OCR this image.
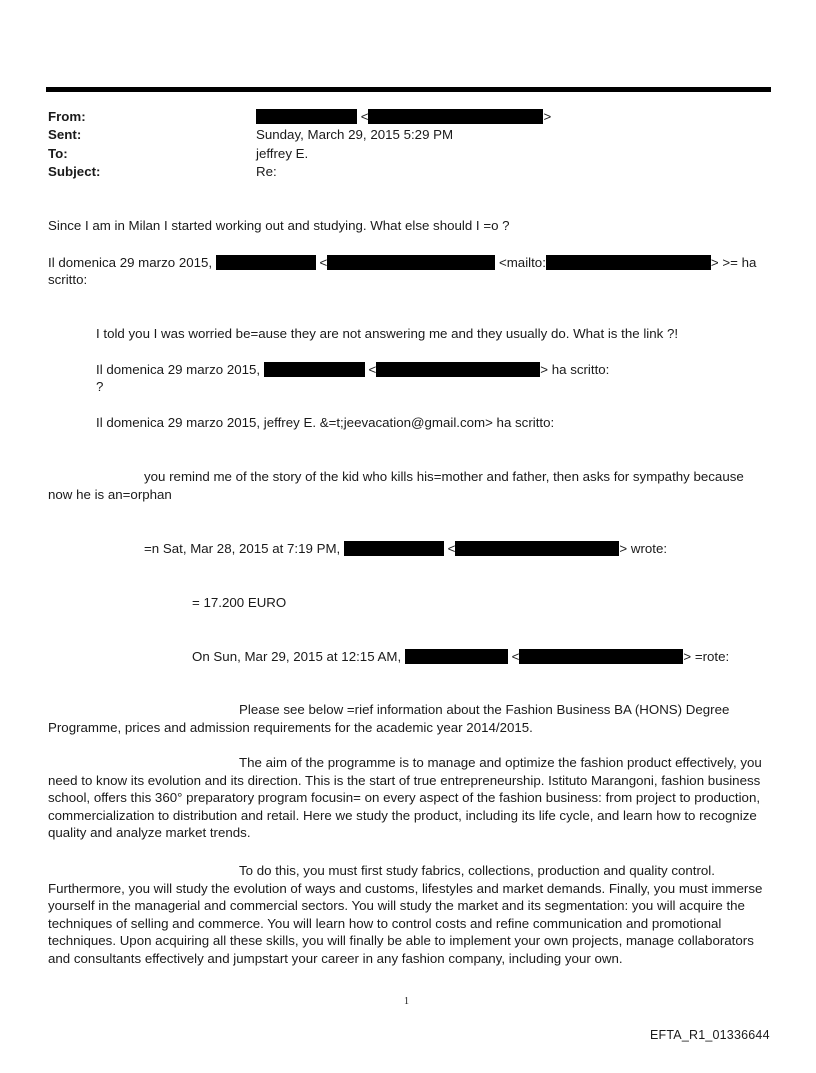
From:	<	>
Sent:	Sunday, March 29, 2015 5:29 PM
To:	jeffrey E.
Subject:	Re:
Since I am in Milan I started working out and studying. What else should I =o ?
Il domenica 29 marzo 2015,	<	<mailto:	> >= ha
scritto:
I told you I was worried be=ause they are not answering me and they usually do. What is the link ?!
Il domenica 29 marzo 2015,	<	> ha scritto:
?
Il domenica 29 marzo 2015, jeffrey E. &=t;jeevacation@gmail.com> ha scritto:
you remind me of the story of the kid who kills his=mother and father, then asks for sympathy because
now he is an=orphan
=n Sat, Mar 28, 2015 at 7:19 PM,	<	> wrote:
= 17.200 EURO
On Sun, Mar 29, 2015 at 12:15 AM,	<	> =rote:
Please see below =rief information about the Fashion Business BA (HONS) Degree Programme, prices and admission requirements for the academic year 2014/2015.
The aim of the programme is to manage and optimize the fashion product effectively, you need to know its evolution and its direction. This is the start of true entrepreneurship. Istituto Marangoni, fashion business school, offers this 360° preparatory program focusin= on every aspect of the fashion business: from project to production, commercialization to distribution and retail. Here we study the product, including its life cycle, and learn how to recognize quality and analyze market trends.
To do this, you must first study fabrics, collections, production and quality control. Furthermore, you will study the evolution of ways and customs, lifestyles and market demands. Finally, you must immerse yourself in the managerial and commercial sectors. You will study the market and its segmentation: you will acquire the techniques of selling and commerce. You will learn how to control costs and refine communication and promotional techniques. Upon acquiring all these skills, you will finally be able to implement your own projects, manage collaborators and consultants effectively and jumpstart your career in any fashion company, including your own.
1
EFTA_R1_01336644
